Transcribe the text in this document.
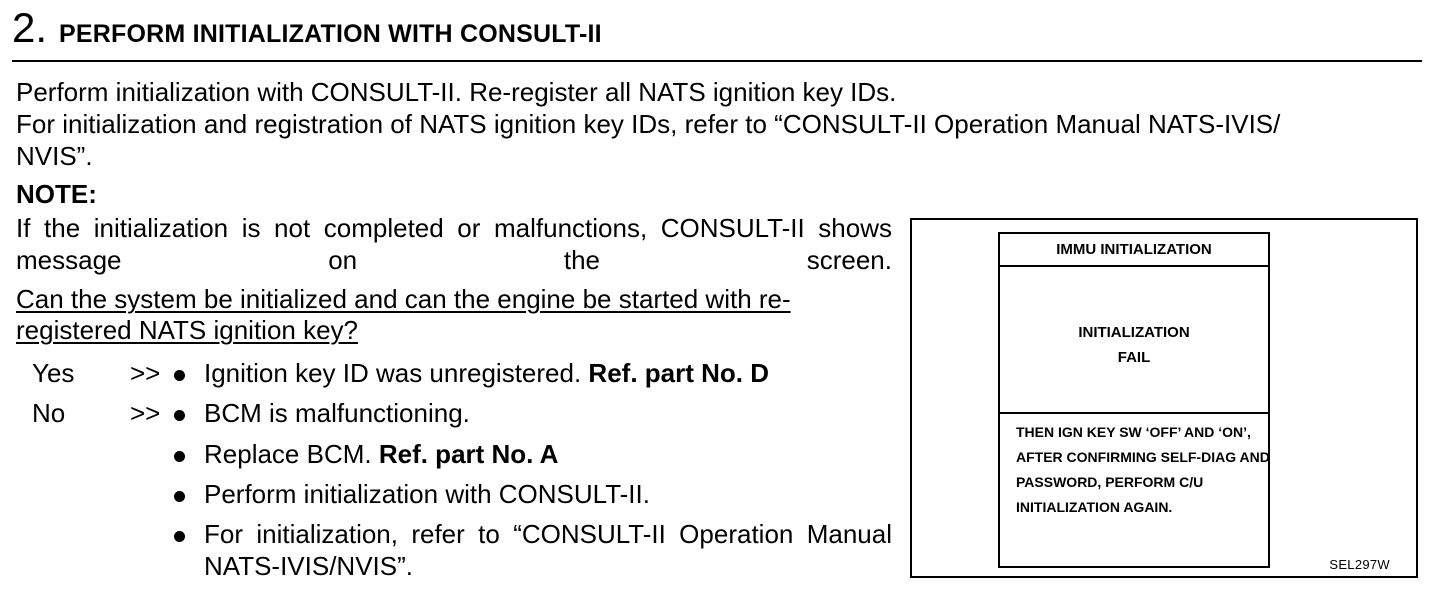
2. PERFORM INITIALIZATION WITH CONSULT-II
Perform initialization with CONSULT-II. Re-register all NATS ignition key IDs.
For initialization and registration of NATS ignition key IDs, refer to “CONSULT-II Operation Manual NATS-IVIS/
NVIS”.
NOTE:
If the initialization is not completed or malfunctions, CONSULT-II shows message on the screen.
Can the system be initialized and can the engine be started with re-registered NATS ignition key?
Yes >> Ignition key ID was unregistered. Ref. part No. D
No >> BCM is malfunctioning.
Replace BCM. Ref. part No. A
Perform initialization with CONSULT-II.
For initialization, refer to “CONSULT-II Operation Manual NATS-IVIS/NVIS”.
IMMU INITIALIZATION
INITIALIZATION
FAIL
THEN IGN KEY SW ‘OFF’ AND ‘ON’, AFTER CONFIRMING SELF-DIAG AND PASSWORD, PERFORM C/U INITIALIZATION AGAIN.
SEL297W
